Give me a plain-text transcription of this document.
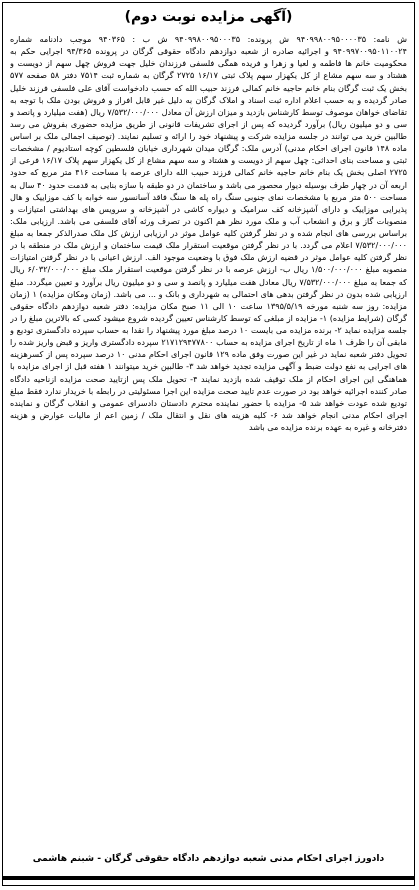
(آگهی مزایده نوبت دوم)

ش نامه: ۹۴۰۹۹۸۰۰۹۵۰۰۰۰۳۵ ش پرونده: ۹۴۰۹۹۸۰۰۹۵۰۰۰۳۵ ش ب : ۹۴۰۳۶۵ موجب دادنامه شماره ۹۴۰۹۹۷۰۰۹۵۰۱۱۰۰۲۴ و اجرائیه صادره از شعبه دوازدهم دادگاه حقوقی گرگان در پرونده ۹۴/۳۶۵ اجرایی حکم به محکومیت خانم ها فاطمه و لعیا و زهرا و فریده همگی فلسفی فرزندان خلیل جهت فروش چهل سهم از دویست و هشتاد و سه سهم مشاع از کل یکهزار سهم پلاک ثبتی ۱۶/۱۷ ۲۷۲۵ گرگان به شماره ثبت ۷۵۱۴ دفتر ۵۸ صفحه ۵۷۷ بخش یک ثبت گرگان بنام خانم حاجیه خانم کمالی فرزند حبیب الله که حسب دادخواست آقای علی فلسفی فرزند خلیل صادر گردیده و به حسب اعلام اداره ثبت اسناد و املاک گرگان به دلیل غیر قابل افراز و فروش بودن ملک با توجه به تقاضای خواهان موصوف توسط کارشناس بازدید و میزان ارزش آن معادل ۷/۵۳۲/۰۰۰/۰۰۰ ریال (هفت میلیارد و پانصد و سی و دو میلیون ریال) برآورد گردیده که پس از اجرای تشریفات قانونی از طریق مزایده حضوری بفروش می رسد طالبین خرید می توانند در جلسه مزایده شرکت و پیشنهاد خود را ارائه و تسلیم نمایند. (توصیف اجمالی ملک بر اساس ماده ۱۴۸ قانون اجرای احکام مدنی) آدرس ملک: گرگان میدان شهرداری خیابان فلسطین کوچه استادیوم / مشخصات ثبتی و مساحت بنای احداثی: چهل سهم از دویست و هشتاد و سه سهم مشاع از کل یکهزار سهم پلاک ۱۶/۱۷ فرعی از ۲۷۲۵ اصلی بخش یک بنام خانم حاجیه خانم کمالی فرزند حبیب الله دارای عرصه با مساحت ۴۱۶ متر مربع که حدود اربعه آن در چهار طرف بوسیله دیوار محصور می باشد و ساختمان در دو طبقه با سازه بنایی به قدمت حدود ۴۰ سال به مساحت ۵۰۰ متر مربع با مشخصات نمای جنوبی سنگ راه پله ها سنگ فاقد آسانسور سه خوابه با کف موزاییک و هال پذیرایی موزاییک و دارای آشپزخانه کف سرامیک و دیواره کاشی در آشپزخانه و سرویس های بهداشتی امتیازات و منصوبات گاز و برق و انشعاب آب و ملک مورد نظر هم اکنون در تصرف ورثه آقای فلسفی می باشد. ارزیابی ملک: براساس بررسی های انجام شده و در نظر گرفتن کلیه عوامل موثر در ارزیابی ارزش کل ملک صدرالذکر جمعا به مبلغ ۷/۵۳۲/۰۰۰/۰۰۰ اعلام می گردد. با در نظر گرفتن موقعیت استقرار ملک قیمت ساختمان و ارزش ملک در منطقه با در نظر گرفتن کلیه عوامل موثر در قضیه ارزش ملک فوق با وضعیت موجود الف. ارزش اعیانی با در نظر گرفتن امتیازات منصوبه مبلغ ۱/۵۰۰/۰۰۰/۰۰۰ ریال ب- ارزش عرصه با در نظر گرفتن موقعیت استقرار ملک مبلغ ۶/۰۳۲/۰۰۰/۰۰۰ ریال که جمعا به مبلغ ۷/۵۳۲/۰۰۰/۰۰۰ ریال معادل هفت میلیارد و پانصد و سی و دو میلیون ریال برآورد و تعیین میگردد. مبلغ ارزیابی شده بدون در نظر گرفتن بدهی های احتمالی به شهرداری و بانک و ... می باشد. (زمان ومکان مزایده) ۱ (زمان مزایده: روز سه شنبه مورخه ۱۳۹۵/۵/۱۹ ساعت ۱۰ الی ۱۱ صبح مکان مزایده: دفتر شعبه دوازدهم دادگاه حقوقی گرگان (شرایط مزایده) ۱- مزایده از مبلغی که توسط کارشناس تعیین گردیده شروع میشود کسی که بالاترین مبلغ را در جلسه مزایده نماید ۲- برنده مزایده می بایست ۱۰ درصد مبلغ مورد پیشنهاد را نقدا به حساب سپرده دادگستری تودیع و مابقی آن را ظرف ۱ ماه از تاریخ اجرای مزایده به حساب ۲۱۷۱۲۹۴۷۷۸۰۰ سپرده دادگستری واریز و قبض واریز شده را تحویل دفتر شعبه نماید در غیر این صورت وفق ماده ۱۲۹ قانون اجرای احکام مدنی ۱۰ درصد سپرده پس از کسرهزینه های اجرایی به نفع دولت ضبط و آگهی مزایده تجدید خواهد شد ۳- طالبین خرید میتوانند ۱ هفته قبل از اجرای مزایده با هماهنگی این اجرای احکام از ملک توقیف شده بازدید نمایند ۴- تحویل ملک پس ازتایید صحت مزایده ازناحیه دادگاه صادر کننده اجرائیه خواهد بود در صورت عدم تایید صحت مزایده این اجرا مسئولیتی در رابطه با خریدار ندارد فقط مبلغ تودیع شده عودت خواهد شد ۵- مزایده با حضور نماینده محترم دادستان دادسرای عمومی و انقلاب گرگان و نماینده اجرای احکام مدنی انجام خواهد شد ۶- کلیه هزینه های نقل و انتقال ملک / زمین اعم از مالیات عوارض و هزینه دفترخانه و غیره به عهده برنده مزایده می باشد

دادورز اجرای احکام مدنی شعبه دوازدهم دادگاه حقوقی گرگان - شبنم هاشمی
